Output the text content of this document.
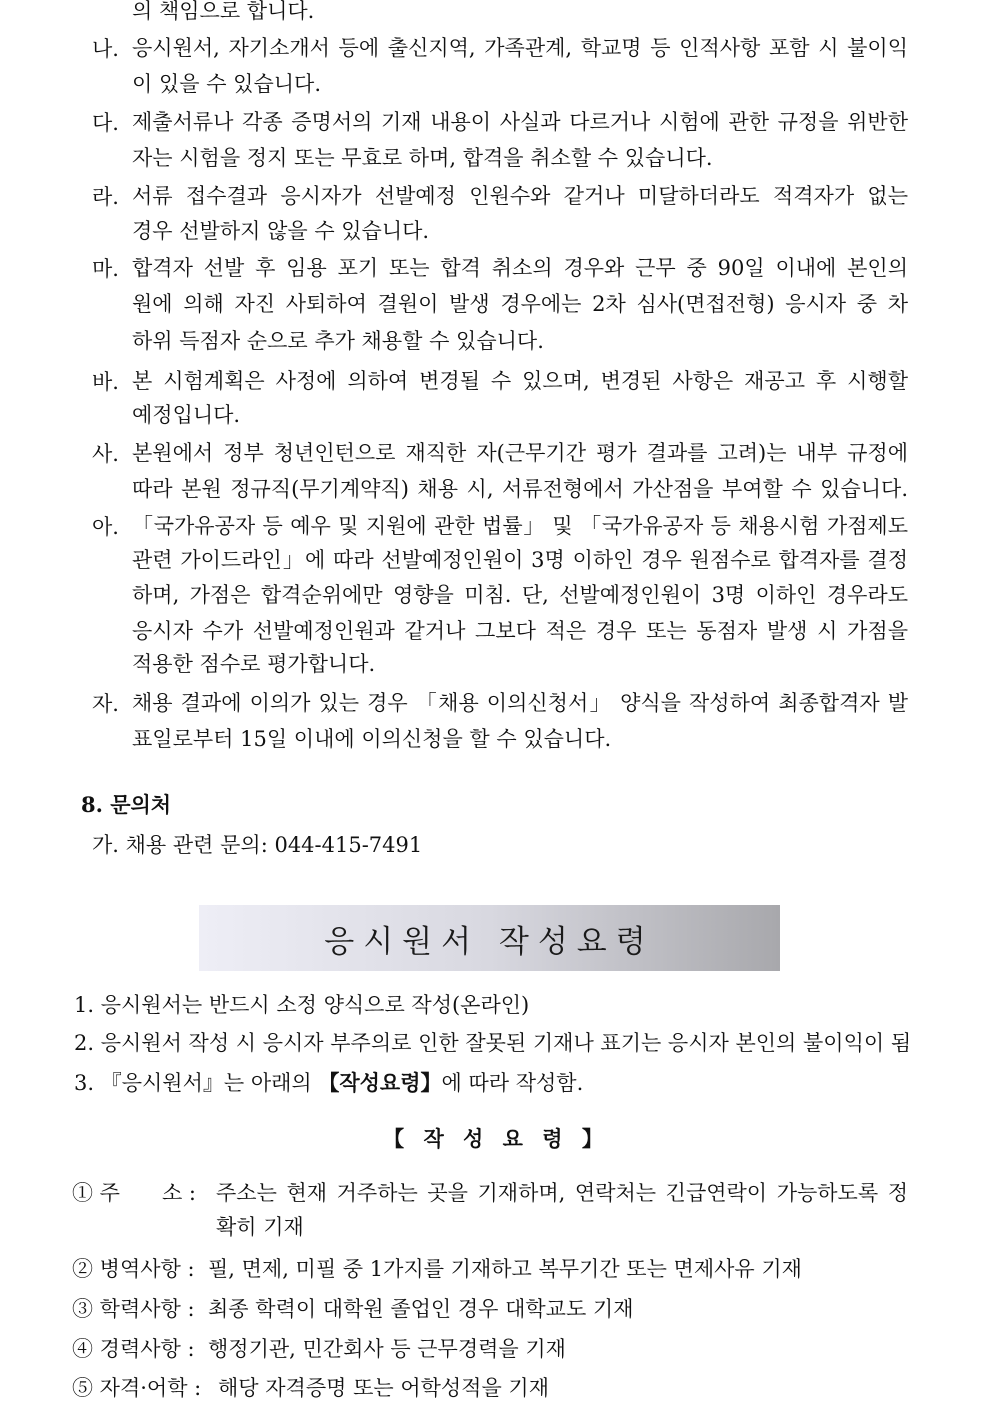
의 책임으로 합니다.
나. 응시원서, 자기소개서 등에 출신지역, 가족관계, 학교명 등 인적사항 포함 시 불이익
이 있을 수 있습니다.
다. 제출서류나 각종 증명서의 기재 내용이 사실과 다르거나 시험에 관한 규정을 위반한
자는 시험을 정지 또는 무효로 하며, 합격을 취소할 수 있습니다.
라. 서류 접수결과 응시자가 선발예정 인원수와 같거나 미달하더라도 적격자가 없는
경우 선발하지 않을 수 있습니다.
마. 합격자 선발 후 임용 포기 또는 합격 취소의 경우와 근무 중 90일 이내에 본인의
원에 의해 자진 사퇴하여 결원이 발생 경우에는 2차 심사(면접전형) 응시자 중 차
하위 득점자 순으로 추가 채용할 수 있습니다.
바. 본 시험계획은 사정에 의하여 변경될 수 있으며, 변경된 사항은 재공고 후 시행할
예정입니다.
사. 본원에서 정부 청년인턴으로 재직한 자(근무기간 평가 결과를 고려)는 내부 규정에
따라 본원 정규직(무기계약직) 채용 시, 서류전형에서 가산점을 부여할 수 있습니다.
아. 「국가유공자 등 예우 및 지원에 관한 법률」 및 「국가유공자 등 채용시험 가점제도
관련 가이드라인」에 따라 선발예정인원이 3명 이하인 경우 원점수로 합격자를 결정
하며, 가점은 합격순위에만 영향을 미침. 단, 선발예정인원이 3명 이하인 경우라도
응시자 수가 선발예정인원과 같거나 그보다 적은 경우 또는 동점자 발생 시 가점을
적용한 점수로 평가합니다.
자. 채용 결과에 이의가 있는 경우 「채용 이의신청서」 양식을 작성하여 최종합격자 발
표일로부터 15일 이내에 이의신청을 할 수 있습니다.
8. 문의처
가. 채용 관련 문의: 044-415-7491
응시원서 작성요령
1. 응시원서는 반드시 소정 양식으로 작성(온라인)
2. 응시원서 작성 시 응시자 부주의로 인한 잘못된 기재나 표기는 응시자 본인의 불이익이 됨
3. 『응시원서』는 아래의 【작성요령】에 따라 작성함.
【 작 성 요 령 】
① 주　　소 : 주소는 현재 거주하는 곳을 기재하며, 연락처는 긴급연락이 가능하도록 정
확히 기재
② 병역사항 : 필, 면제, 미필 중 1가지를 기재하고 복무기간 또는 면제사유 기재
③ 학력사항 : 최종 학력이 대학원 졸업인 경우 대학교도 기재
④ 경력사항 : 행정기관, 민간회사 등 근무경력을 기재
⑤ 자격·어학 : 해당 자격증명 또는 어학성적을 기재
